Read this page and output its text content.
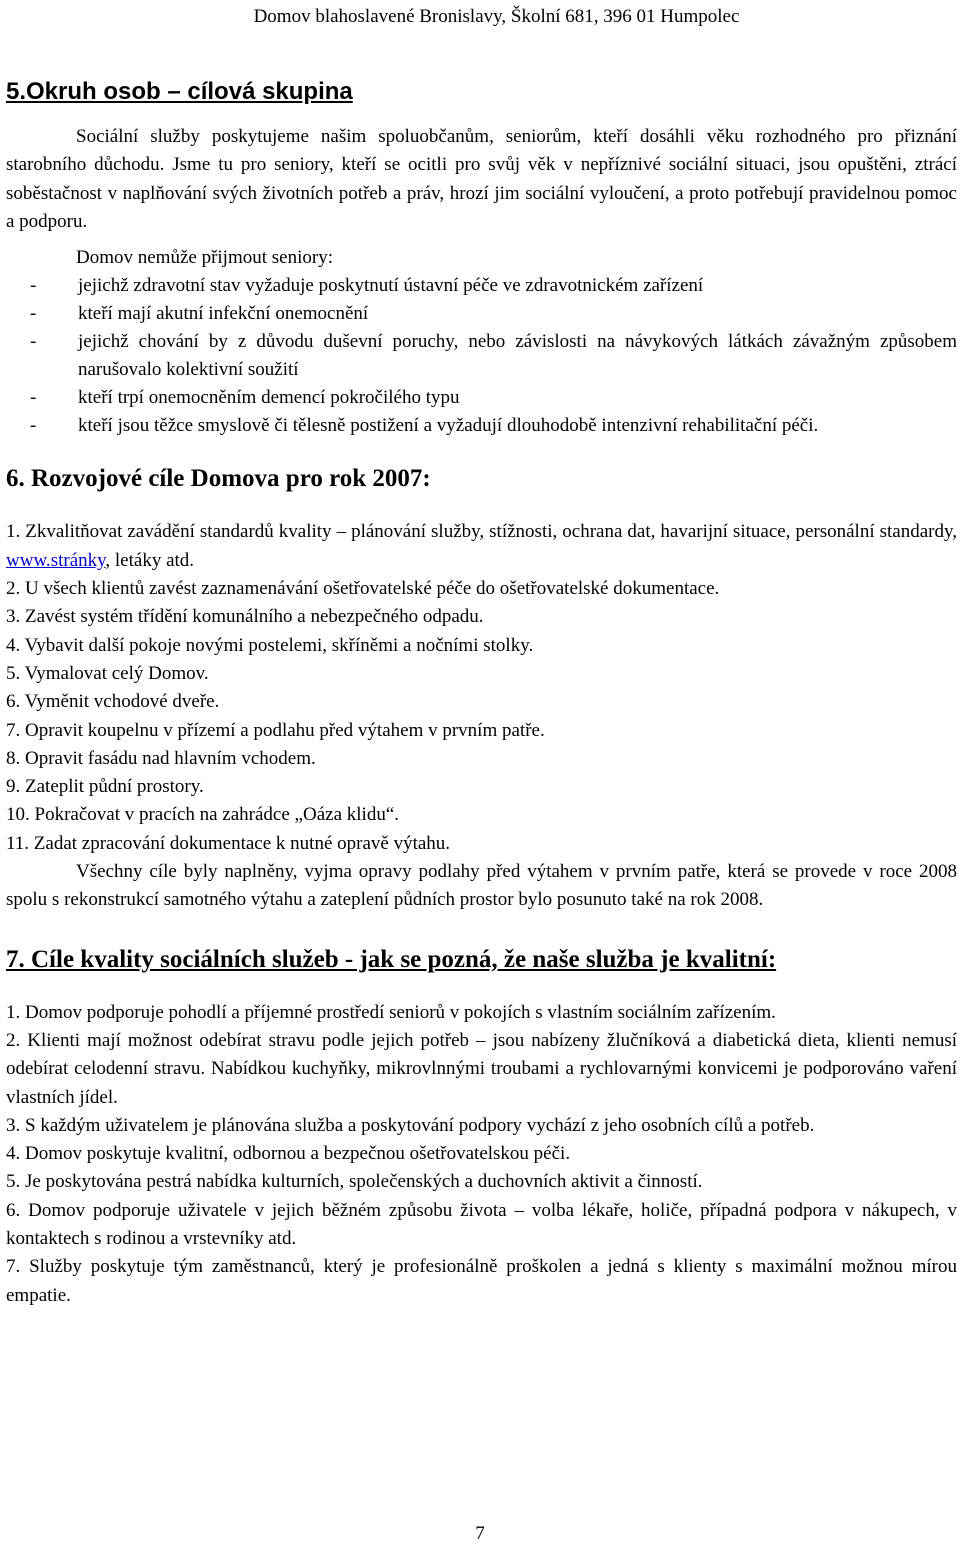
Domov blahoslavené Bronislavy, Školní 681, 396 01 Humpolec
5.Okruh osob – cílová skupina

Sociální služby poskytujeme našim spoluobčanům, seniorům, kteří dosáhli věku rozhodného pro přiznání starobního důchodu. Jsme tu pro seniory, kteří se ocitli pro svůj věk v nepříznivé sociální situaci, jsou opuštěni, ztrácí soběstačnost v naplňování svých životních potřeb a práv, hrozí jim sociální vyloučení, a proto potřebují pravidelnou pomoc a podporu.

Domov nemůže přijmout seniory:

- jejichž zdravotní stav vyžaduje poskytnutí ústavní péče ve zdravotnickém zařízení
- kteří mají akutní infekční onemocnění
- jejichž chování by z důvodu duševní poruchy, nebo závislosti na návykových látkách závažným způsobem narušovalo kolektivní soužití
- kteří trpí onemocněním demencí pokročilého typu
- kteří jsou těžce smyslově či tělesně postižení a vyžadují dlouhodobě intenzivní rehabilitační péči.
6. Rozvojové cíle Domova pro rok 2007:

1. Zkvalitňovat zavádění standardů kvality – plánování služby, stížnosti, ochrana dat, havarijní situace, personální standardy, www.stránky, letáky atd.

2. U všech klientů zavést zaznamenávání ošetřovatelské péče do ošetřovatelské dokumentace.

3. Zavést systém třídění komunálního a nebezpečného odpadu.

4. Vybavit další pokoje novými postelemi, skříněmi a nočními stolky.

5. Vymalovat celý Domov.

6. Vyměnit vchodové dveře.

7. Opravit koupelnu v přízemí a podlahu před výtahem v prvním patře.

8. Opravit fasádu nad hlavním vchodem.

9. Zateplit půdní prostory.

10. Pokračovat v pracích na zahrádce „Oáza klidu“.

11. Zadat zpracování dokumentace k nutné opravě výtahu.

Všechny cíle byly naplněny, vyjma opravy podlahy před výtahem v prvním patře, která se provede v roce 2008 spolu s rekonstrukcí samotného výtahu a zateplení půdních prostor bylo posunuto také na rok 2008.

7. Cíle kvality sociálních služeb - jak se pozná, že naše služba je kvalitní:

1. Domov podporuje pohodlí a příjemné prostředí seniorů v pokojích s vlastním sociálním zařízením.

2. Klienti mají možnost odebírat stravu podle jejich potřeb – jsou nabízeny žlučníková a diabetická dieta, klienti nemusí odebírat celodenní stravu. Nabídkou kuchyňky, mikrovlnnými troubami a rychlovarnými konvicemi je podporováno vaření vlastních jídel.

3. S každým uživatelem je plánována služba a poskytování podpory vychází z jeho osobních cílů a potřeb.

4. Domov poskytuje kvalitní, odbornou a bezpečnou ošetřovatelskou péči.

5. Je poskytována pestrá nabídka kulturních, společenských a duchovních aktivit a činností.

6. Domov podporuje uživatele v jejich běžném způsobu života – volba lékaře, holiče, případná podpora v nákupech, v kontaktech s rodinou a vrstevníky atd.

7. Služby poskytuje tým zaměstnanců, který je profesionálně proškolen a jedná s klienty s maximální možnou mírou empatie.

7
